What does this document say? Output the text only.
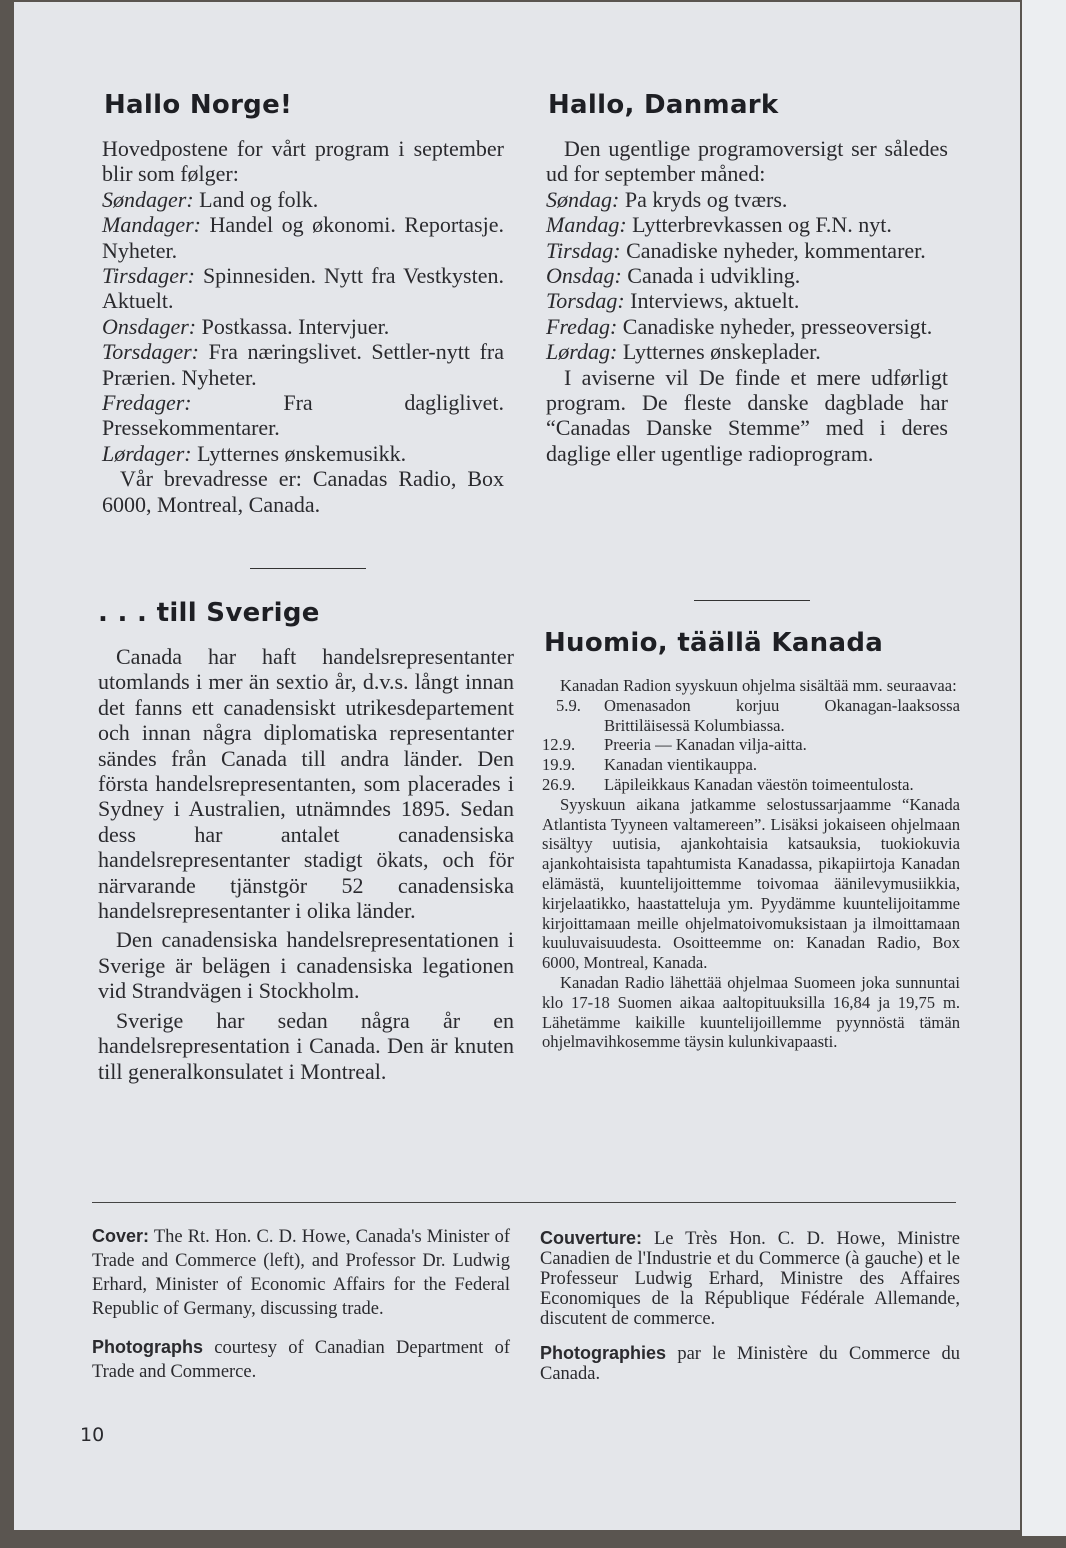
Hallo Norge!

Hovedpostene for vårt program i september blir som følger:

Søndager: Land og folk.

Mandager: Handel og økonomi. Reportasje. Nyheter.

Tirsdager: Spinnesiden. Nytt fra Vestkysten. Aktuelt.

Onsdager: Postkassa. Intervjuer.

Torsdager: Fra næringslivet. Settler-nytt fra Prærien. Nyheter.

Fredager:	Fra dagliglivet. Pressekommentarer.

Lørdager: Lytternes ønskemusikk.

Vår brevadresse er: Canadas Radio, Box 6000, Montreal, Canada.

. . . till Sverige

Canada har haft handelsrepresentanter utomlands i mer än sextio år, d.v.s. långt innan det fanns ett canadensiskt utrikesdepartement och innan några diplomatiska representanter sändes från Canada till andra länder. Den första handelsrepresentanten, som placerades i Sydney i Australien, utnämndes 1895. Sedan dess har antalet canadensiska handelsrepresentanter stadigt ökats, och för närvarande tjänstgör 52 canadensiska handelsrepresentanter i olika länder.

Den canadensiska handelsrepresentationen i Sverige är belägen i canadensiska legationen vid Strandvägen i Stockholm.

Sverige har sedan några år en handelsrepresentation i Canada. Den är knuten till generalkonsulatet i Montreal.

Hallo, Danmark

Den ugentlige programoversigt ser således ud for september måned:

Søndag: Pa kryds og tværs.

Mandag: Lytterbrevkassen og F.N. nyt.

Tirsdag: Canadiske nyheder, kommentarer.

Onsdag: Canada i udvikling.

Torsdag: Interviews, aktuelt.

Fredag: Canadiske nyheder, presseoversigt.

Lørdag: Lytternes ønskeplader.

I aviserne vil De finde et mere udførligt program. De fleste danske dagblade har “Canadas Danske Stemme” med i deres daglige eller ugentlige radioprogram.

Huomio, täällä Kanada

Kanadan Radion syyskuun ohjelma sisältää mm. seuraavaa:

5.9.	Omenasadon korjuu Okanagan-laaksossa Brittiläisessä Kolumbiassa.
12.9.	Preeria — Kanadan vilja-aitta.
19.9.	Kanadan vientikauppa.
26.9.	Läpileikkaus Kanadan väestön toimeentulosta.

Syyskuun aikana jatkamme selostussarjaamme “Kanada Atlantista Tyyneen valtamereen”. Lisäksi jokaiseen ohjelmaan sisältyy uutisia, ajankohtaisia katsauksia, tuokiokuvia ajankohtaisista tapahtumista Kanadassa, pikapiirtoja Kanadan elämästä, kuuntelijoittemme toivomaa äänilevymusiikkia, kirjelaatikko, haastatteluja ym. Pyydämme kuuntelijoitamme kirjoittamaan meille ohjelmatoivomuksistaan ja ilmoittamaan kuuluvaisuudesta. Osoitteemme on: Kanadan Radio, Box 6000, Montreal, Kanada.

Kanadan Radio lähettää ohjelmaa Suomeen joka sunnuntai klo 17-18 Suomen aikaa aaltopituuksilla 16,84 ja 19,75 m. Lähetämme kaikille kuuntelijoillemme pyynnöstä tämän ohjelmavihkosemme täysin kulunkivapaasti.

Cover: The Rt. Hon. C. D. Howe, Canada's Minister of Trade and Commerce (left), and Professor Dr. Ludwig Erhard, Minister of Economic Affairs for the Federal Republic of Germany, discussing trade.

Photographs courtesy of Canadian Department of Trade and Commerce.

Couverture: Le Très Hon. C. D. Howe, Ministre Canadien de l'Industrie et du Commerce (à gauche) et le Professeur Ludwig Erhard, Ministre des Affaires Economiques de la République Fédérale Allemande, discutent de commerce.

Photographies par le Ministère du Commerce du Canada.

10
